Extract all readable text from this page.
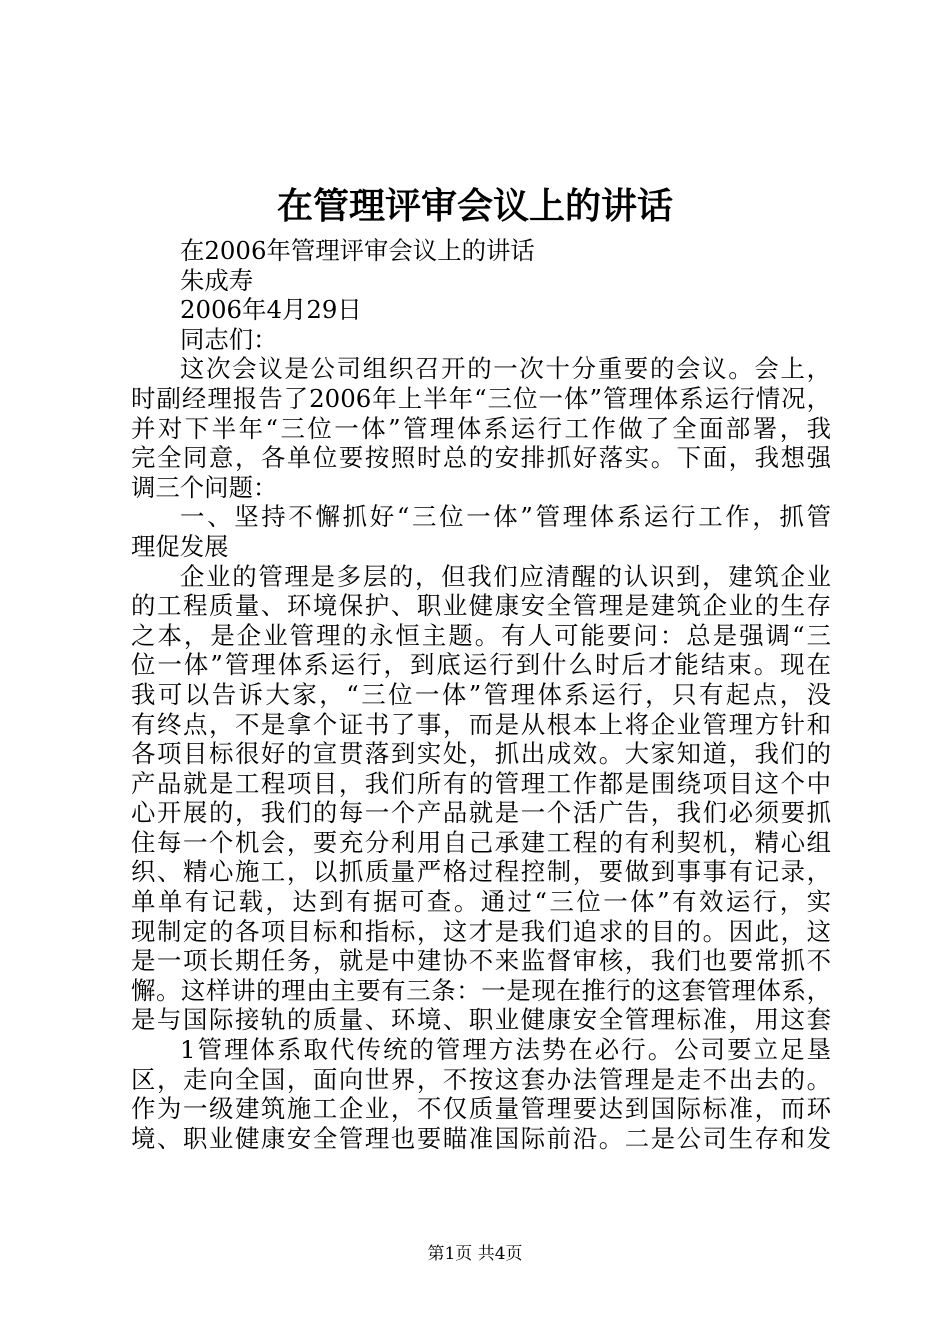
在管理评审会议上的讲话
在2006年管理评审会议上的讲话
朱成寿
2006年4月29日
同志们：
这次会议是公司组织召开的一次十分重要的会议。会上，
时副经理报告了2006年上半年“三位一体”管理体系运行情况，
并对下半年“三位一体”管理体系运行工作做了全面部署，我
完全同意，各单位要按照时总的安排抓好落实。下面，我想强
调三个问题：
一、坚持不懈抓好“三位一体”管理体系运行工作，抓管
理促发展
企业的管理是多层的，但我们应清醒的认识到，建筑企业
的工程质量、环境保护、职业健康安全管理是建筑企业的生存
之本，是企业管理的永恒主题。有人可能要问：总是强调“三
位一体”管理体系运行，到底运行到什么时后才能结束。现在
我可以告诉大家，“三位一体”管理体系运行，只有起点，没
有终点，不是拿个证书了事，而是从根本上将企业管理方针和
各项目标很好的宣贯落到实处，抓出成效。大家知道，我们的
产品就是工程项目，我们所有的管理工作都是围绕项目这个中
心开展的，我们的每一个产品就是一个活广告，我们必须要抓
住每一个机会，要充分利用自己承建工程的有利契机，精心组
织、精心施工，以抓质量严格过程控制，要做到事事有记录，
单单有记载，达到有据可查。通过“三位一体”有效运行，实
现制定的各项目标和指标，这才是我们追求的目的。因此，这
是一项长期任务，就是中建协不来监督审核，我们也要常抓不
懈。这样讲的理由主要有三条：一是现在推行的这套管理体系，
是与国际接轨的质量、环境、职业健康安全管理标准，用这套
1管理体系取代传统的管理方法势在必行。公司要立足垦
区，走向全国，面向世界，不按这套办法管理是走不出去的。
作为一级建筑施工企业，不仅质量管理要达到国际标准，而环
境、职业健康安全管理也要瞄准国际前沿。二是公司生存和发
第1页 共4页
